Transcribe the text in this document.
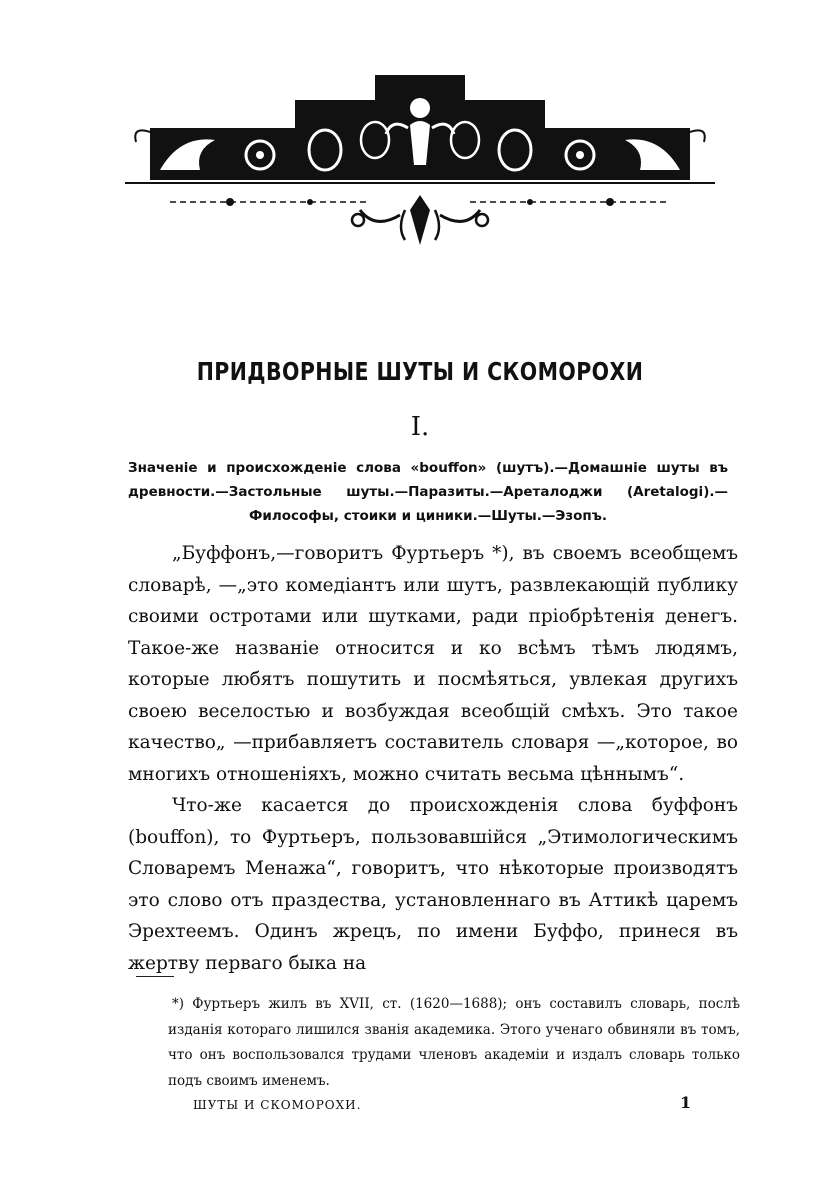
ПРИДВОРНЫЕ ШУТЫ И СКОМОРОХИ
I.
Значеніе и происхожденіе слова «bouffon» (шутъ).—Домашніе шуты въ древности.—Застольные шуты.—Паразиты.—Ареталоджи (Aretalogi).—Философы, стоики и циники.—Шуты.—Эзопъ.

„Буффонъ,—говоритъ Фуртьеръ *), въ своемъ всеобщемъ словарѣ, —„это комедіантъ или шутъ, развлекающій публику своими остротами или шутками, ради пріобрѣтенія денегъ. Такое-же названіе относится и ко всѣмъ тѣмъ людямъ, которые любятъ пошутить и посмѣяться, увлекая другихъ своею веселостью и возбуждая всеобщій смѣхъ. Это такое качество„ —прибавляетъ составитель словаря —„которое, во многихъ отношеніяхъ, можно считать весьма цѣннымъ“.

Что-же касается до происхожденія слова буффонъ (bouffon), то Фуртьеръ, пользовавшійся „Этимологическимъ Словаремъ Менажа“, говоритъ, что нѣкоторые производятъ это слово отъ праздества, установленнаго въ Аттикѣ царемъ Эрехтеемъ. Одинъ жрецъ, по имени Буффо, принеся въ жертву перваго быка на

*) Фуртьеръ жилъ въ XVII, ст. (1620—1688); онъ составилъ словарь, послѣ изданія котораго лишился званія академика. Этого ученаго обвиняли въ томъ, что онъ воспользовался трудами членовъ академіи и издалъ словарь только подъ своимъ именемъ.

ШУТЫ И СКОМОРОХИ.	1
